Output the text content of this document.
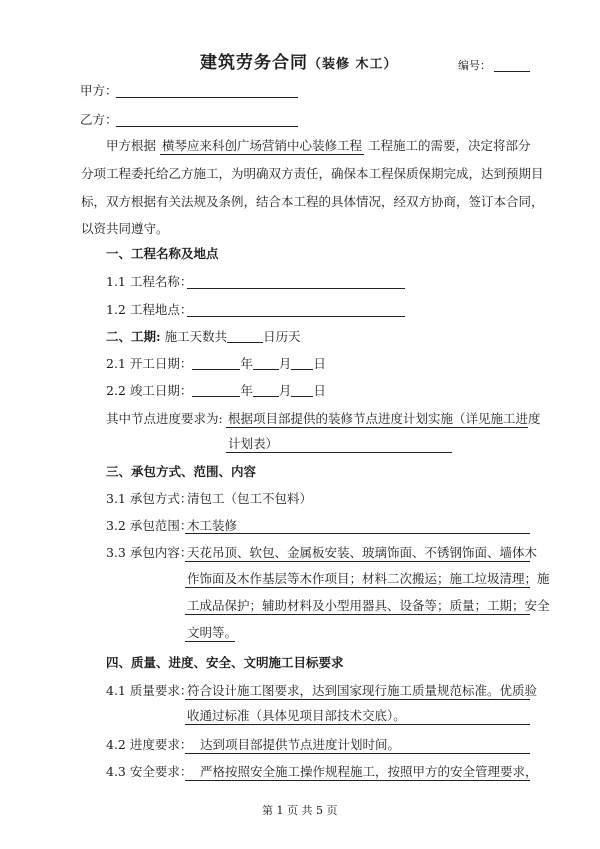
建筑劳务合同（装修 木工）	编号：
甲方：
乙方：
甲方根据 横琴应来科创广场营销中心装修工程 工程施工的需要，决定将部分
分项工程委托给乙方施工，为明确双方责任，确保本工程保质保期完成，达到预期目
标，双方根据有关法规及条例，结合本工程的具体情况，经双方协商，签订本合同，
以资共同遵守。
一、工程名称及地点
1.1 工程名称：
1.2 工程地点：
二、工期: 施工天数共	日历天
2.1 开工日期：	年 月 日
2.2 竣工日期：	年 月 日
其中节点进度要求为: 根据项目部提供的装修节点进度计划实施（详见施工进度
计划表）
三、承包方式、范围、内容
3.1 承包方式：
清包工（包工不包料）
3.2 承包范围：
木工装修
3.3 承包内容：
天花吊顶、软包、金属板安装、玻璃饰面、不锈钢饰面、墙体木
作饰面及木作基层等木作项目；材料二次搬运；施工垃圾清理；施
工成品保护；辅助材料及小型用器具、设备等；质量；工期；安全
文明等。
四、质量、进度、安全、文明施工目标要求
4.1 质量要求：
符合设计施工图要求，达到国家现行施工质量规范标准。优质验
收通过标准（具体见项目部技术交底）。
4.2 进度要求： 达到项目部提供节点进度计划时间。
4.3 安全要求： 严格按照安全施工操作规程施工，按照甲方的安全管理要求，
第 1 页 共 5 页
